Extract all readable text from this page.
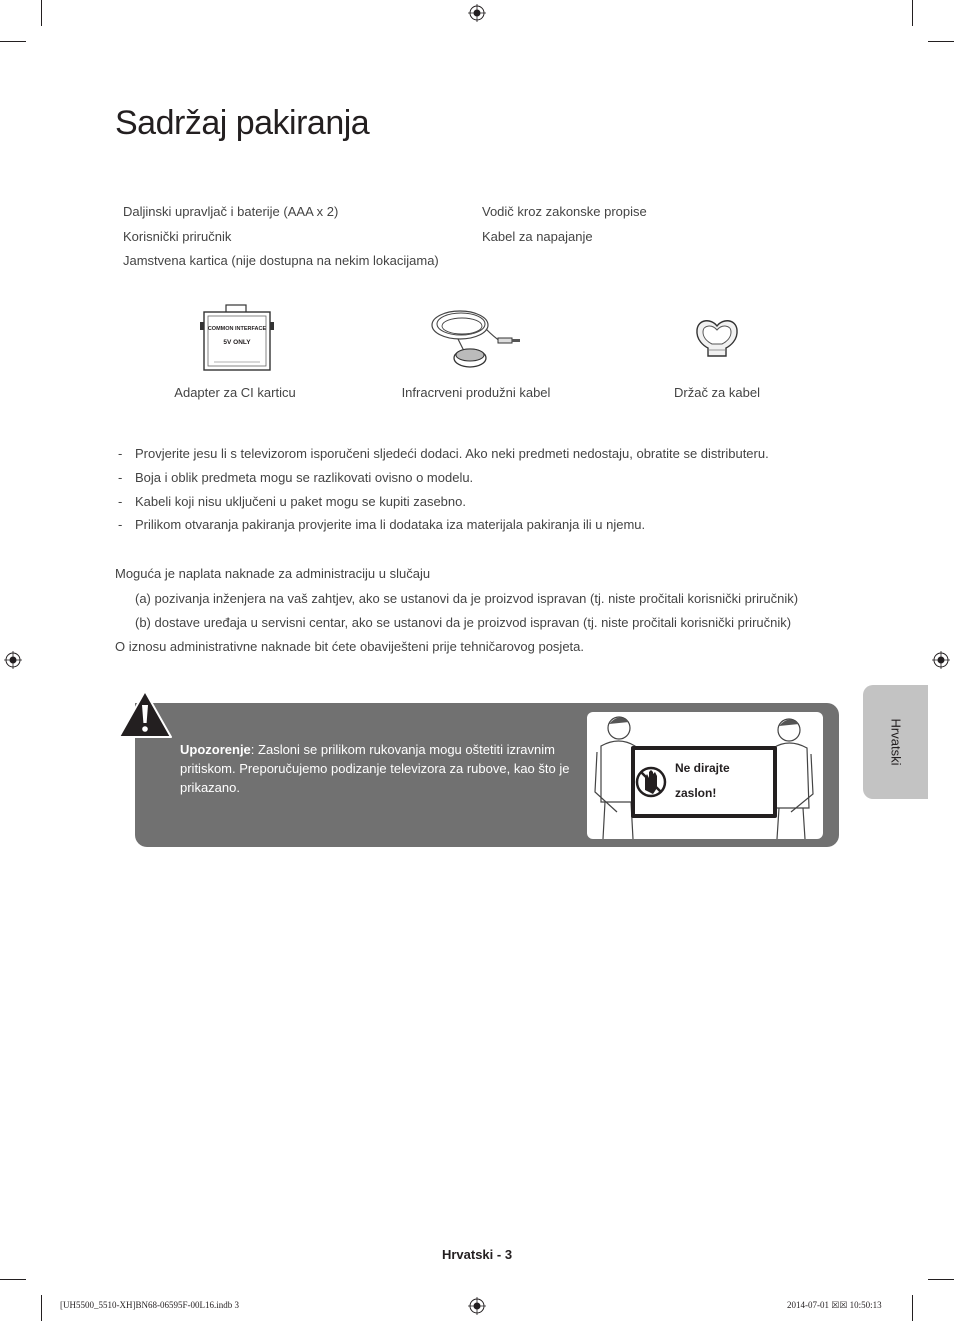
Sadržaj pakiranja
Daljinski upravljač i baterije (AAA x 2)
Korisnički priručnik
Jamstvena kartica (nije dostupna na nekim lokacijama)
Vodič kroz zakonske propise
Kabel za napajanje
COMMON INTERFACE
5V ONLY
Adapter za CI karticu	Infracrveni produžni kabel	Držač za kabel
- Provjerite jesu li s televizorom isporučeni sljedeći dodaci. Ako neki predmeti nedostaju, obratite se distributeru.
- Boja i oblik predmeta mogu se razlikovati ovisno o modelu.
- Kabeli koji nisu uključeni u paket mogu se kupiti zasebno.
- Prilikom otvaranja pakiranja provjerite ima li dodataka iza materijala pakiranja ili u njemu.
Moguća je naplata naknade za administraciju u slučaju
(a) pozivanja inženjera na vaš zahtjev, ako se ustanovi da je proizvod ispravan (tj. niste pročitali korisnički priručnik)
(b) dostave uređaja u servisni centar, ako se ustanovi da je proizvod ispravan (tj. niste pročitali korisnički priručnik)
O iznosu administrativne naknade bit ćete obaviješteni prije tehničarovog posjeta.
Upozorenje: Zasloni se prilikom rukovanja mogu oštetiti izravnim pritiskom. Preporučujemo podizanje televizora za rubove, kao što je prikazano.
Ne dirajte
zaslon!
Hrvatski
Hrvatski - 3
[UH5500_5510-XH]BN68-06595F-00L16.indb 3	2014-07-01 ☒☒ 10:50:13
